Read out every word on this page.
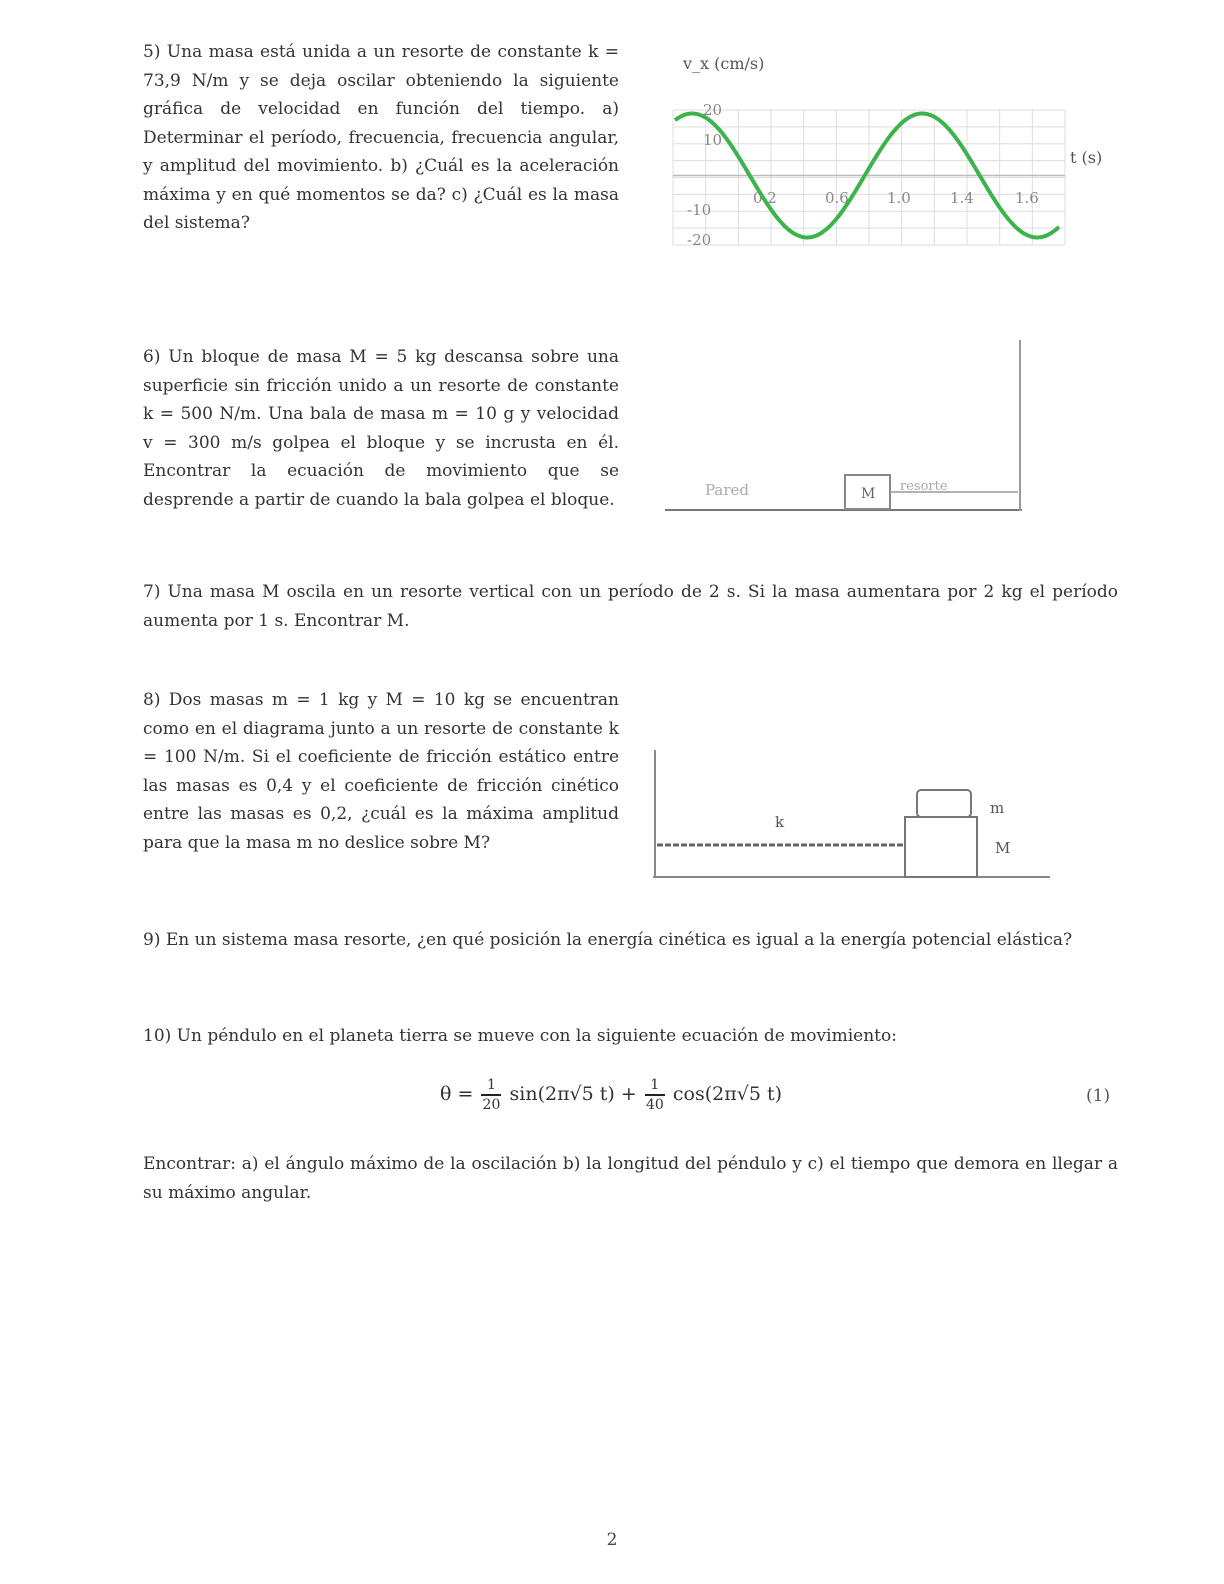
5) Una masa está unida a un resorte de constante k = 73,9 N/m y se deja oscilar obteniendo la siguiente gráfica de velocidad en función del tiempo. a) Determinar el período, frecuencia, frecuencia angular, y amplitud del movimiento. b) ¿Cuál es la aceleración máxima y en qué momentos se da? c) ¿Cuál es la masa del sistema?

v_x (cm/s)
t (s)
20
10
-10
-20
0.2	0.6	1.0	1.4	1.6

6) Un bloque de masa M = 5 kg descansa sobre una superficie sin fricción unido a un resorte de constante k = 500 N/m. Una bala de masa m = 10 g y velocidad v = 300 m/s golpea el bloque y se incrusta en él. Encontrar la ecuación de movimiento que se desprende a partir de cuando la bala golpea el bloque.	Pared	M resorte

7) Una masa M oscila en un resorte vertical con un período de 2 s. Si la masa aumentara por 2 kg el período aumenta por 1 s. Encontrar M.

8) Dos masas m = 1 kg y M = 10 kg se encuentran como en el diagrama junto a un resorte de constante k = 100 N/m. Si el coeficiente de fricción estático entre las masas es 0,4 y el coeficiente de fricción cinético entre las masas es 0,2, ¿cuál es la máxima amplitud para que la masa m no deslice sobre M?

k
m
M

9) En un sistema masa resorte, ¿en qué posición la energía cinética es igual a la energía potencial elástica?

10) Un péndulo en el planeta tierra se mueve con la siguiente ecuación de movimiento:

$\theta = \frac{1}{20} \sin(2\pi√5$ $t) + \frac{1}{40} \cos(2\pi√5$ t)	(1)

Encontrar: a) el ángulo máximo de la oscilación b) la longitud del péndulo y c) el tiempo que demora en llegar a su máximo angular.

2
